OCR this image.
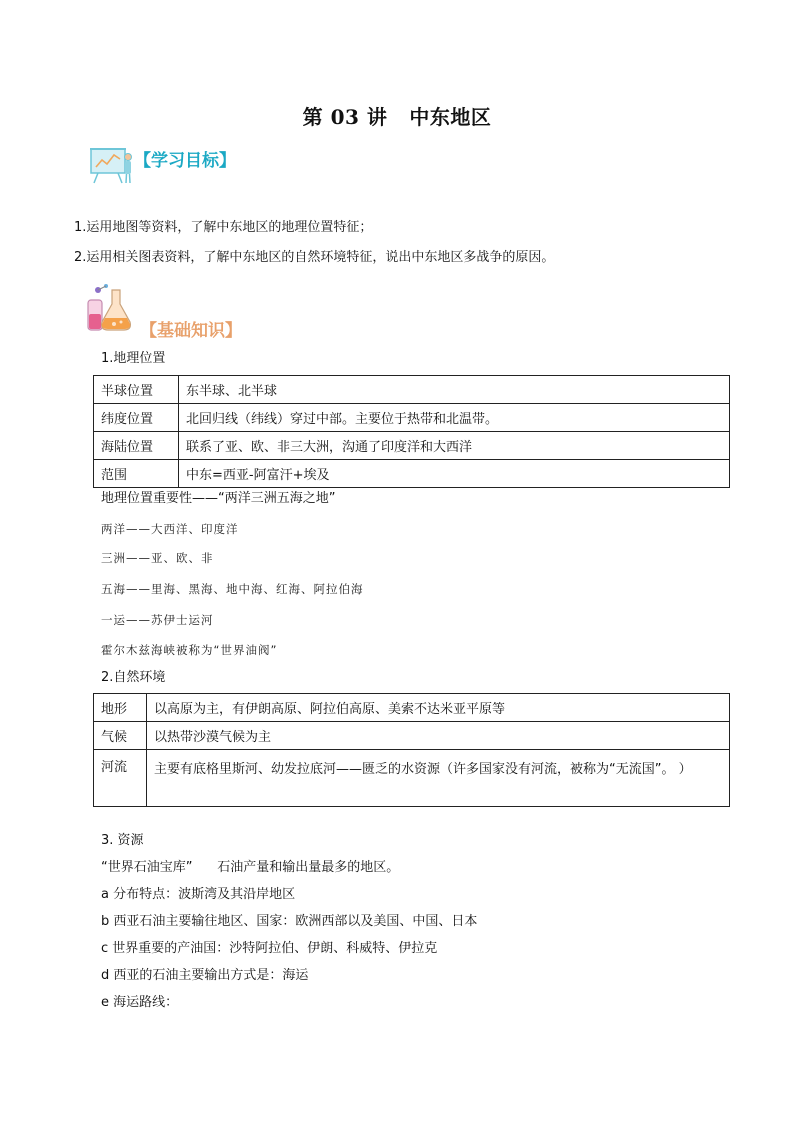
第 03 讲 中东地区
【学习目标】
1.运用地图等资料，了解中东地区的地理位置特征；
2.运用相关图表资料，了解中东地区的自然环境特征，说出中东地区多战争的原因。
【基础知识】
1.地理位置
半球位置	东半球、北半球
纬度位置	北回归线（纬线）穿过中部。主要位于热带和北温带。
海陆位置	联系了亚、欧、非三大洲，沟通了印度洋和大西洋
范围	中东=西亚-阿富汗+埃及
地理位置重要性——“两洋三洲五海之地”
两洋——大西洋、印度洋
三洲——亚、欧、非
五海——里海、黑海、地中海、红海、阿拉伯海
一运——苏伊士运河
霍尔木兹海峡被称为“世界油阀”
2.自然环境
地形	以高原为主，有伊朗高原、阿拉伯高原、美索不达米亚平原等
气候	以热带沙漠气候为主
河流	主要有底格里斯河、幼发拉底河——匮乏的水资源（许多国家没有河流，被称为“无流国”。 ）
3. 资源
“世界石油宝库”      石油产量和输出量最多的地区。
a 分布特点：波斯湾及其沿岸地区
b 西亚石油主要输往地区、国家：欧洲西部以及美国、中国、日本
c 世界重要的产油国：沙特阿拉伯、伊朗、科威特、伊拉克
d 西亚的石油主要输出方式是：海运
e 海运路线：
